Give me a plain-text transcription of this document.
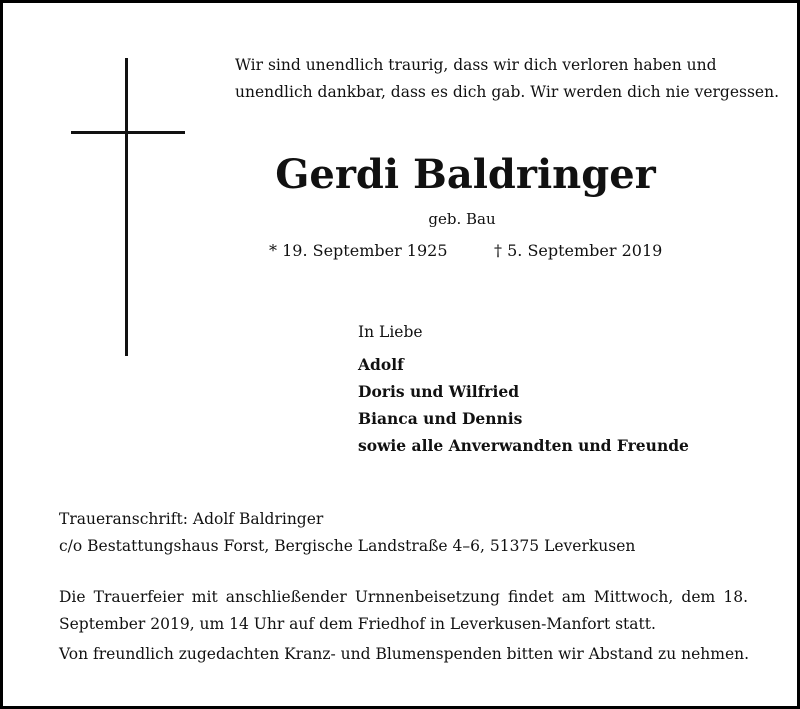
Wir sind unendlich traurig, dass wir dich verloren haben und
unendlich dankbar, dass es dich gab. Wir werden dich nie vergessen.
Gerdi Baldringer
geb. Bau
* 19. September 1925	† 5. September 2019
In Liebe
Adolf
Doris und Wilfried
Bianca und Dennis
sowie alle Anverwandten und Freunde
Traueranschrift: Adolf Baldringer
c/o Bestattungshaus Forst, Bergische Landstraße 4–6, 51375 Leverkusen
Die Trauerfeier mit anschließender Urnnenbeisetzung findet am Mittwoch, dem 18. September 2019, um 14 Uhr auf dem Friedhof in Leverkusen-Manfort statt.
Von freundlich zugedachten Kranz- und Blumenspenden bitten wir Abstand zu nehmen.
